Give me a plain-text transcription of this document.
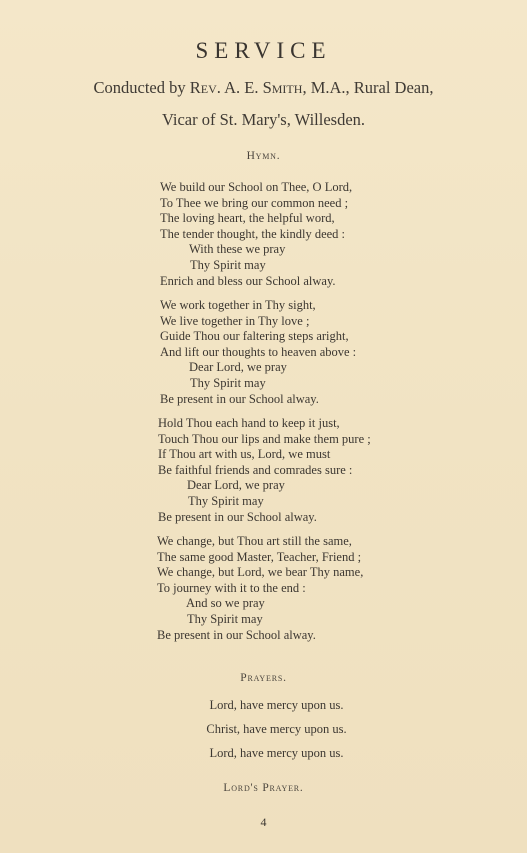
SERVICE
Conducted by Rev. A. E. Smith, M.A., Rural Dean,
Vicar of St. Mary's, Willesden.
Hymn.
We build our School on Thee, O Lord,
To Thee we bring our common need ;
The loving heart, the helpful word,
The tender thought, the kindly deed :
With these we pray
Thy Spirit may
Enrich and bless our School alway.
We work together in Thy sight,
We live together in Thy love ;
Guide Thou our faltering steps aright,
And lift our thoughts to heaven above :
Dear Lord, we pray
Thy Spirit may
Be present in our School alway.
Hold Thou each hand to keep it just,
Touch Thou our lips and make them pure ;
If Thou art with us, Lord, we must
Be faithful friends and comrades sure :
Dear Lord, we pray
Thy Spirit may
Be present in our School alway.
We change, but Thou art still the same,
The same good Master, Teacher, Friend ;
We change, but Lord, we bear Thy name,
To journey with it to the end :
And so we pray
Thy Spirit may
Be present in our School alway.
Prayers.
Lord, have mercy upon us.
Christ, have mercy upon us.
Lord, have mercy upon us.
Lord's Prayer.
4
